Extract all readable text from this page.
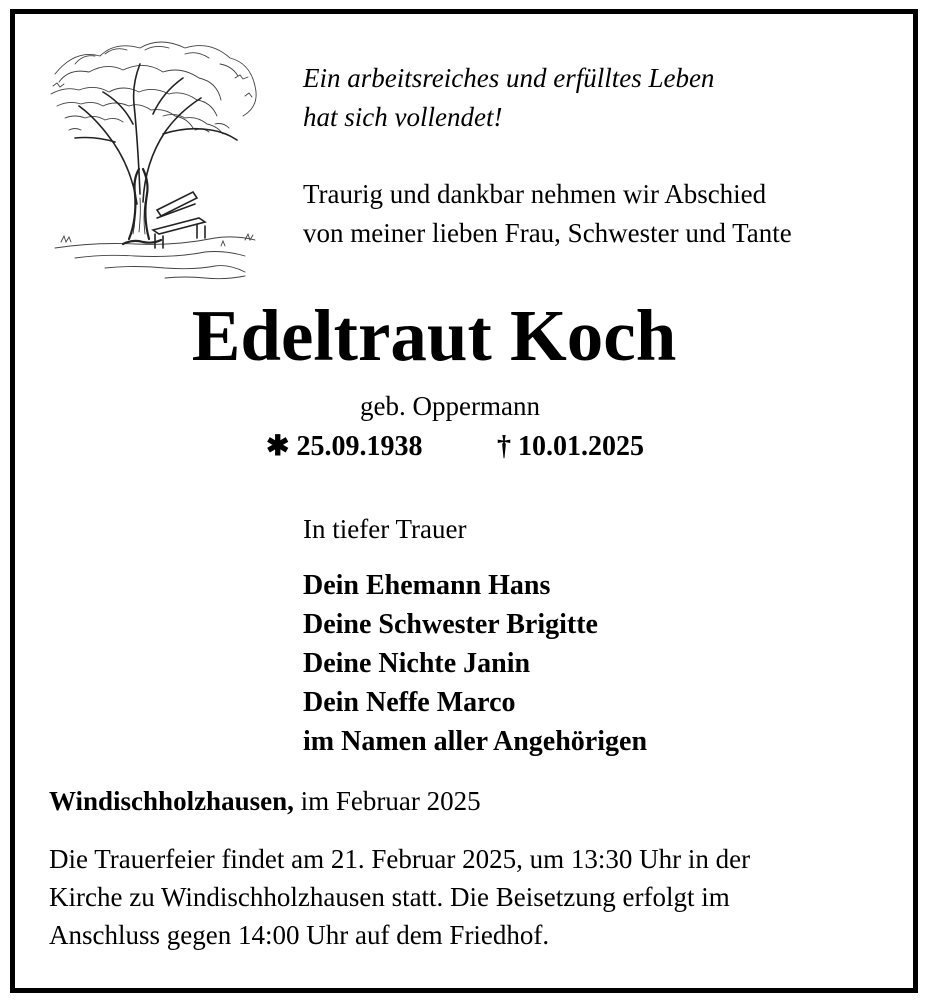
Ein arbeitsreiches und erfülltes Leben
hat sich vollendet!
Traurig und dankbar nehmen wir Abschied
von meiner lieben Frau, Schwester und Tante
Edeltraut Koch
geb. Oppermann
✱ 25.09.1938	† 10.01.2025
In tiefer Trauer
Dein Ehemann Hans
Deine Schwester Brigitte
Deine Nichte Janin
Dein Neffe Marco
im Namen aller Angehörigen
Windischholzhausen, im Februar 2025

Die Trauerfeier findet am 21. Februar 2025, um 13:30 Uhr in der
Kirche zu Windischholzhausen statt. Die Beisetzung erfolgt im
Anschluss gegen 14:00 Uhr auf dem Friedhof.
